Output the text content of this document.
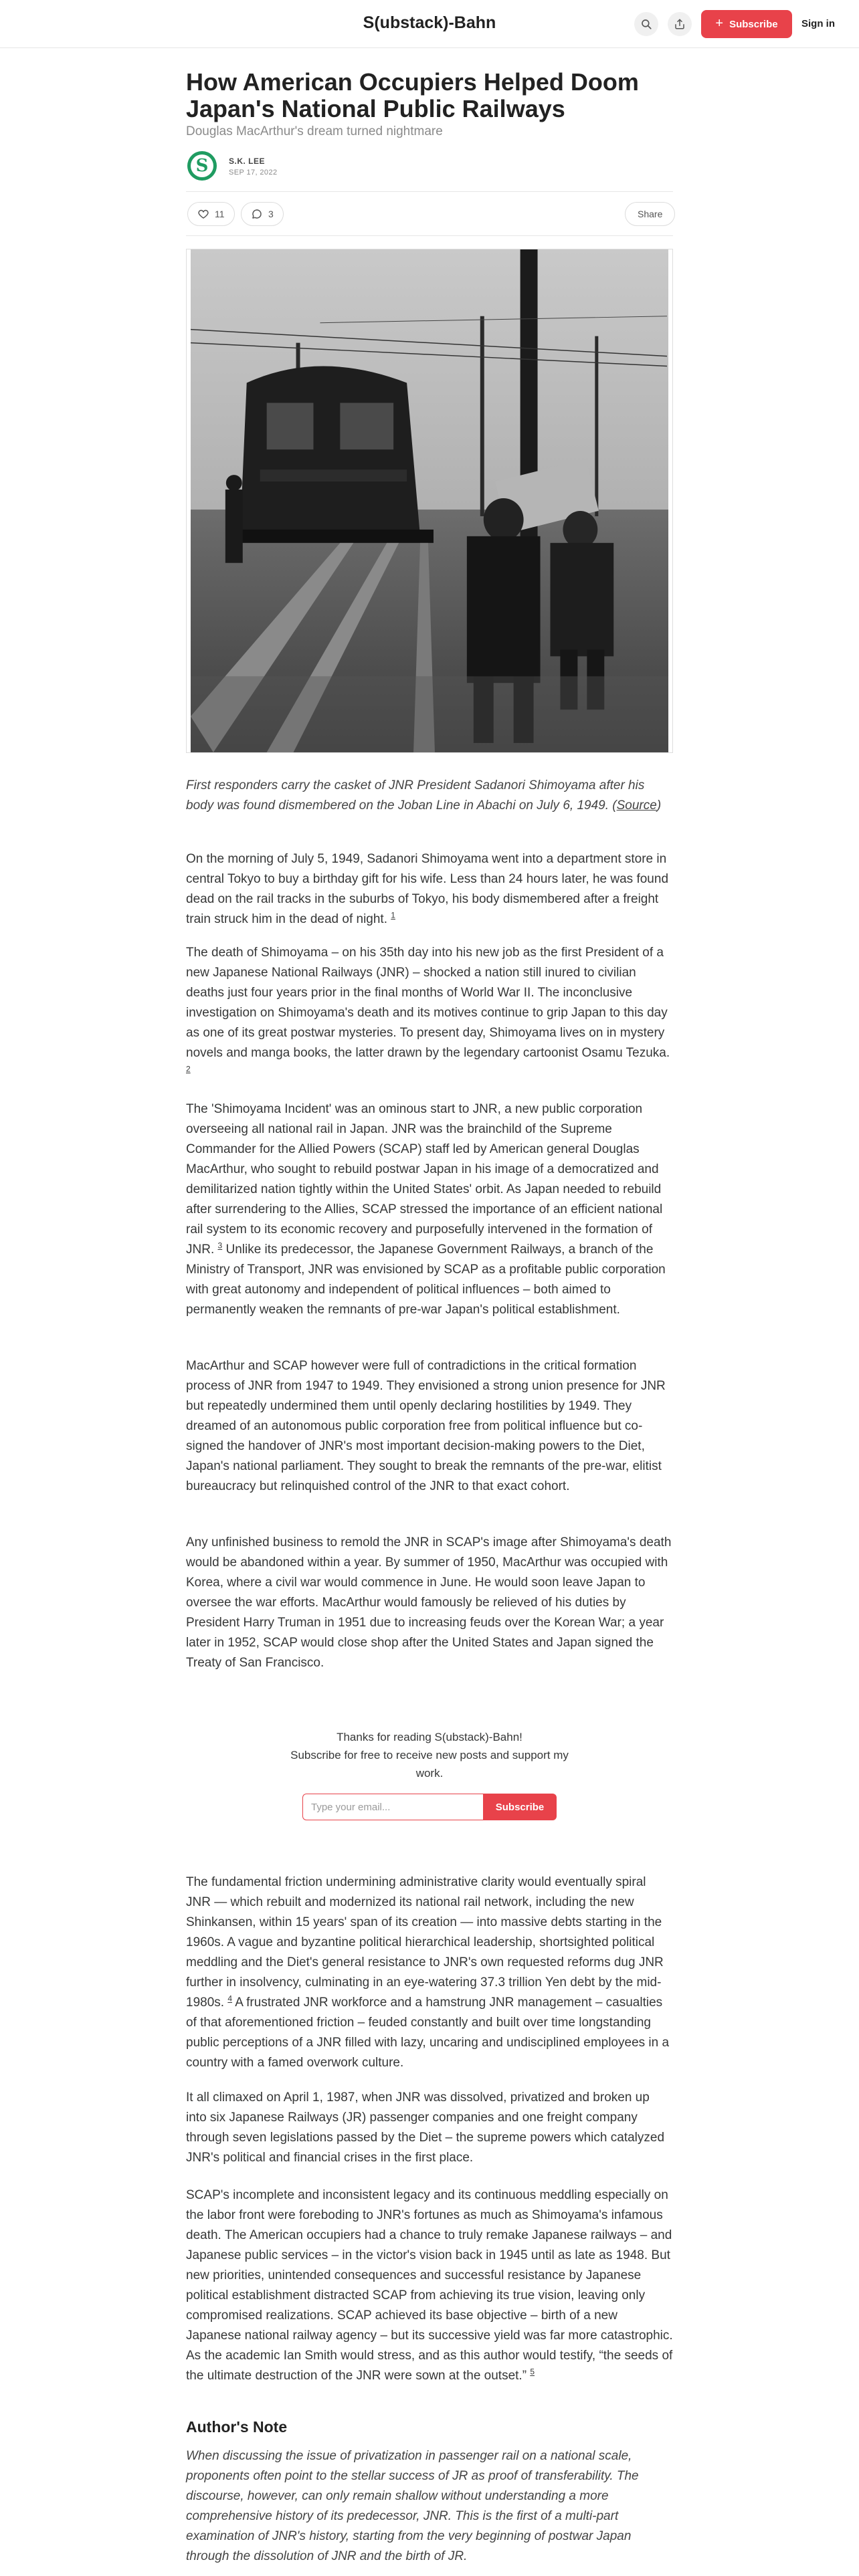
S(ubstack)-Bahn	+ Subscribe Sign in
How American Occupiers Helped Doom Japan's National Public Railways
Douglas MacArthur's dream turned nightmare
S	S.K. LEE
SEP 17, 2022
11	3	Share
First responders carry the casket of JNR President Sadanori Shimoyama after his body was found dismembered on the Joban Line in Abachi on July 6, 1949. (Source)
On the morning of July 5, 1949, Sadanori Shimoyama went into a department store in central Tokyo to buy a birthday gift for his wife. Less than 24 hours later, he was found dead on the rail tracks in the suburbs of Tokyo, his body dismembered after a freight train struck him in the dead of night. $^1$
The death of Shimoyama – on his 35th day into his new job as the first President of a new Japanese National Railways (JNR) – shocked a nation still inured to civilian deaths just four years prior in the final months of World War II. The inconclusive investigation on Shimoyama's death and its motives continue to grip Japan to this day as one of its great postwar mysteries. To present day, Shimoyama lives on in mystery novels and manga books, the latter drawn by the legendary cartoonist Osamu Tezuka. $^2$
The 'Shimoyama Incident' was an ominous start to JNR, a new public corporation overseeing all national rail in Japan. JNR was the brainchild of the Supreme Commander for the Allied Powers (SCAP) staff led by American general Douglas MacArthur, who sought to rebuild postwar Japan in his image of a democratized and demilitarized nation tightly within the United States' orbit. As Japan needed to rebuild after surrendering to the Allies, SCAP stressed the importance of an efficient national rail system to its economic recovery and purposefully intervened in the formation of JNR. $^3$ Unlike its predecessor, the Japanese Government Railways, a branch of the Ministry of Transport, JNR was envisioned by SCAP as a profitable public corporation with great autonomy and independent of political influences – both aimed to permanently weaken the remnants of pre-war Japan's political establishment.
MacArthur and SCAP however were full of contradictions in the critical formation process of JNR from 1947 to 1949. They envisioned a strong union presence for JNR but repeatedly undermined them until openly declaring hostilities by 1949. They dreamed of an autonomous public corporation free from political influence but co-signed the handover of JNR's most important decision-making powers to the Diet, Japan's national parliament. They sought to break the remnants of the pre-war, elitist bureaucracy but relinquished control of the JNR to that exact cohort.
Any unfinished business to remold the JNR in SCAP's image after Shimoyama's death would be abandoned within a year. By summer of 1950, MacArthur was occupied with Korea, where a civil war would commence in June. He would soon leave Japan to oversee the war efforts. MacArthur would famously be relieved of his duties by President Harry Truman in 1951 due to increasing feuds over the Korean War; a year later in 1952, SCAP would close shop after the United States and Japan signed the Treaty of San Francisco.
Thanks for reading S(ubstack)-Bahn!
Subscribe for free to receive new posts and support my work.
Type your email...
Subscribe
The fundamental friction undermining administrative clarity would eventually spiral JNR — which rebuilt and modernized its national rail network, including the new Shinkansen, within 15 years' span of its creation — into massive debts starting in the 1960s. A vague and byzantine political hierarchical leadership, shortsighted political meddling and the Diet's general resistance to JNR's own requested reforms dug JNR further in insolvency, culminating in an eye-watering 37.3 trillion Yen debt by the mid-1980s. $^4$ A frustrated JNR workforce and a hamstrung JNR management – casualties of that aforementioned friction – feuded constantly and built over time longstanding public perceptions of a JNR filled with lazy, uncaring and undisciplined employees in a country with a famed overwork culture.
It all climaxed on April 1, 1987, when JNR was dissolved, privatized and broken up into six Japanese Railways (JR) passenger companies and one freight company through seven legislations passed by the Diet – the supreme powers which catalyzed JNR's political and financial crises in the first place.
SCAP's incomplete and inconsistent legacy and its continuous meddling especially on the labor front were foreboding to JNR's fortunes as much as Shimoyama's infamous death. The American occupiers had a chance to truly remake Japanese railways – and Japanese public services – in the victor's vision back in 1945 until as late as 1948. But new priorities, unintended consequences and successful resistance by Japanese political establishment distracted SCAP from achieving its true vision, leaving only compromised realizations. SCAP achieved its base objective – birth of a new Japanese national railway agency – but its successive yield was far more catastrophic. As the academic Ian Smith would stress, and as this author would testify, “the seeds of the ultimate destruction of the JNR were sown at the outset.” $^5$
Author's Note
When discussing the issue of privatization in passenger rail on a national scale, proponents often point to the stellar success of JR as proof of transferability. The discourse, however, can only remain shallow without understanding a more comprehensive history of its predecessor, JNR. This is the first of a multi-part examination of JNR's history, starting from the very beginning of postwar Japan through the dissolution of JNR and the birth of JR.
